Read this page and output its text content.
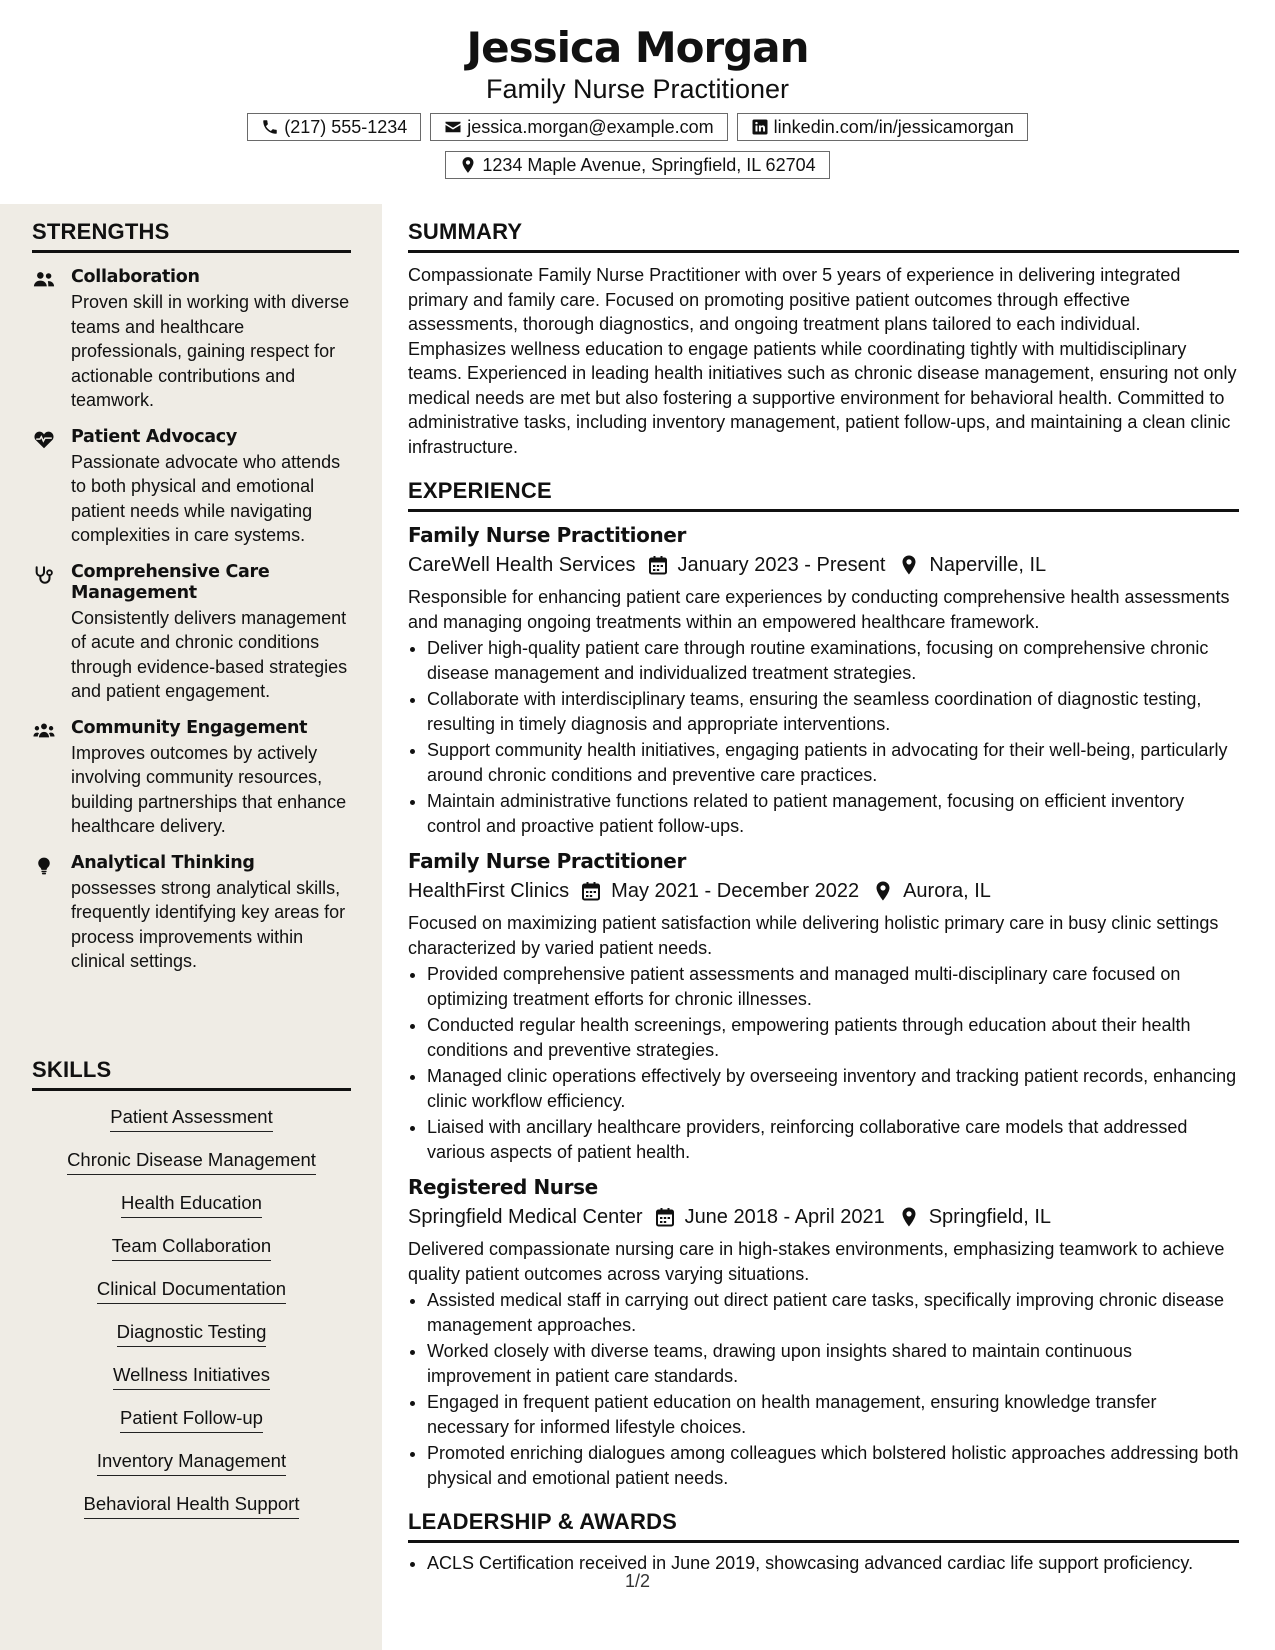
Jessica Morgan
Family Nurse Practitioner
(217) 555-1234	jessica.morgan@example.com	linkedin.com/in/jessicamorgan
1234 Maple Avenue, Springfield, IL 62704
STRENGTHS
Collaboration
Proven skill in working with diverse teams and healthcare professionals, gaining respect for actionable contributions and teamwork.
Patient Advocacy
Passionate advocate who attends to both physical and emotional patient needs while navigating complexities in care systems.
Comprehensive Care Management
Consistently delivers management of acute and chronic conditions through evidence-based strategies and patient engagement.
Community Engagement
Improves outcomes by actively involving community resources, building partnerships that enhance healthcare delivery.
Analytical Thinking
possesses strong analytical skills, frequently identifying key areas for process improvements within clinical settings.
SKILLS
Patient Assessment
Chronic Disease Management
Health Education
Team Collaboration
Clinical Documentation
Diagnostic Testing
Wellness Initiatives
Patient Follow-up
Inventory Management
Behavioral Health Support
SUMMARY
Compassionate Family Nurse Practitioner with over 5 years of experience in delivering integrated primary and family care. Focused on promoting positive patient outcomes through effective assessments, thorough diagnostics, and ongoing treatment plans tailored to each individual. Emphasizes wellness education to engage patients while coordinating tightly with multidisciplinary teams. Experienced in leading health initiatives such as chronic disease management, ensuring not only medical needs are met but also fostering a supportive environment for behavioral health. Committed to administrative tasks, including inventory management, patient follow-ups, and maintaining a clean clinic infrastructure.
EXPERIENCE
Family Nurse Practitioner
CareWell Health Services January 2023 - Present Naperville, IL
Responsible for enhancing patient care experiences by conducting comprehensive health assessments and managing ongoing treatments within an empowered healthcare framework.
• Deliver high-quality patient care through routine examinations, focusing on comprehensive chronic disease management and individualized treatment strategies.
• Collaborate with interdisciplinary teams, ensuring the seamless coordination of diagnostic testing, resulting in timely diagnosis and appropriate interventions.
• Support community health initiatives, engaging patients in advocating for their well-being, particularly around chronic conditions and preventive care practices.
• Maintain administrative functions related to patient management, focusing on efficient inventory control and proactive patient follow-ups.
Family Nurse Practitioner
HealthFirst Clinics May 2021 - December 2022 Aurora, IL
Focused on maximizing patient satisfaction while delivering holistic primary care in busy clinic settings characterized by varied patient needs.
• Provided comprehensive patient assessments and managed multi-disciplinary care focused on optimizing treatment efforts for chronic illnesses.
• Conducted regular health screenings, empowering patients through education about their health conditions and preventive strategies.
• Managed clinic operations effectively by overseeing inventory and tracking patient records, enhancing clinic workflow efficiency.
• Liaised with ancillary healthcare providers, reinforcing collaborative care models that addressed various aspects of patient health.
Registered Nurse
Springfield Medical Center June 2018 - April 2021 Springfield, IL
Delivered compassionate nursing care in high-stakes environments, emphasizing teamwork to achieve quality patient outcomes across varying situations.
• Assisted medical staff in carrying out direct patient care tasks, specifically improving chronic disease management approaches.
• Worked closely with diverse teams, drawing upon insights shared to maintain continuous improvement in patient care standards.
• Engaged in frequent patient education on health management, ensuring knowledge transfer necessary for informed lifestyle choices.
• Promoted enriching dialogues among colleagues which bolstered holistic approaches addressing both physical and emotional patient needs.
LEADERSHIP & AWARDS
• ACLS Certification received in June 2019, showcasing advanced cardiac life support proficiency.
1/2
